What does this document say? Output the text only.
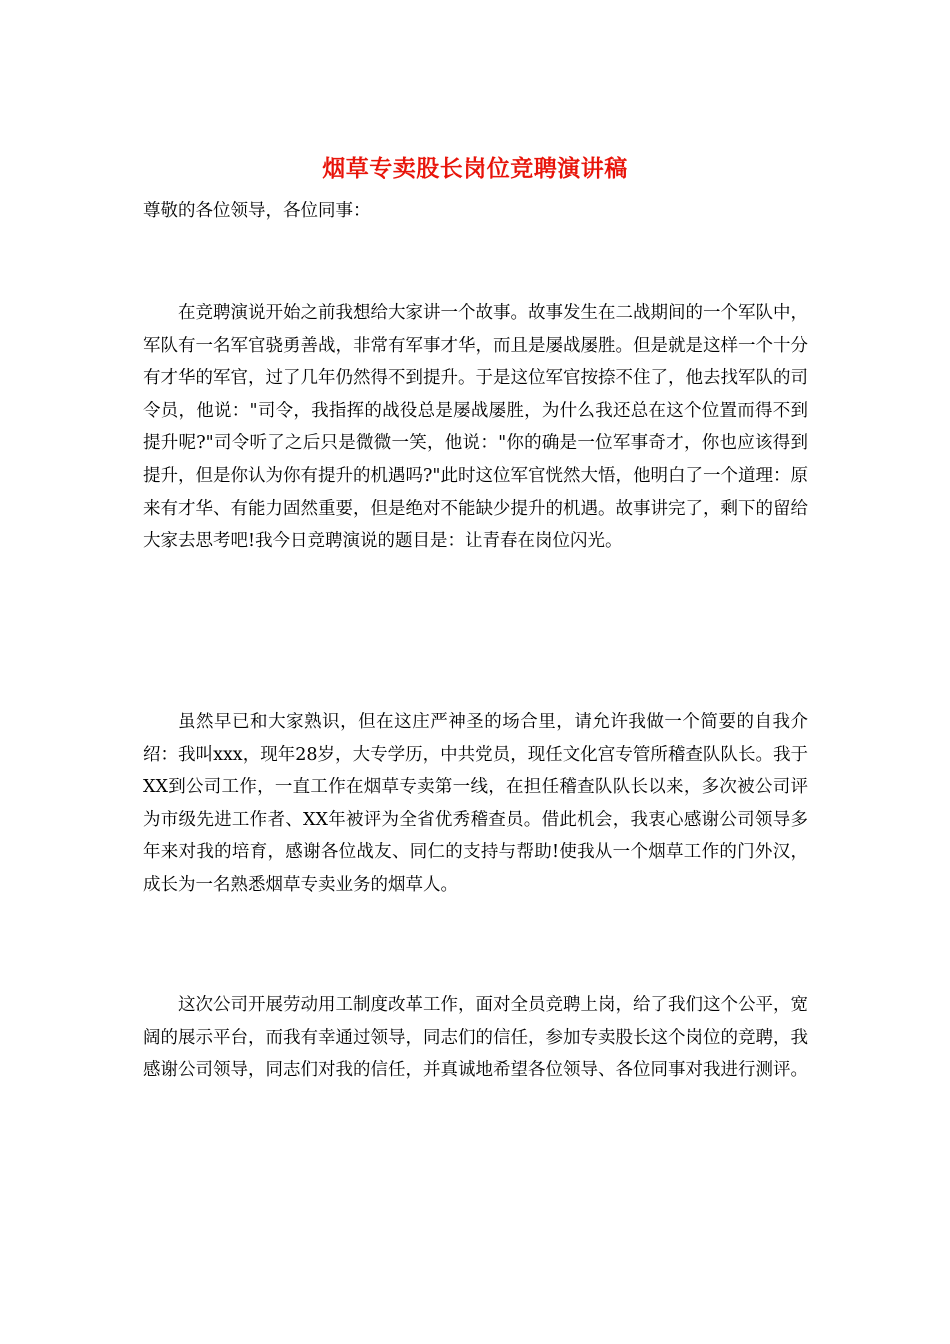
烟草专卖股长岗位竞聘演讲稿
尊敬的各位领导，各位同事：

在竞聘演说开始之前我想给大家讲一个故事。故事发生在二战期间的一个军队中，军队有一名军官骁勇善战，非常有军事才华，而且是屡战屡胜。但是就是这样一个十分有才华的军官，过了几年仍然得不到提升。于是这位军官按捺不住了，他去找军队的司令员，他说："司令，我指挥的战役总是屡战屡胜，为什么我还总在这个位置而得不到提升呢?"司令听了之后只是微微一笑，他说："你的确是一位军事奇才，你也应该得到提升，但是你认为你有提升的机遇吗?"此时这位军官恍然大悟，他明白了一个道理：原来有才华、有能力固然重要，但是绝对不能缺少提升的机遇。故事讲完了，剩下的留给大家去思考吧!我今日竞聘演说的题目是：让青春在岗位闪光。

虽然早已和大家熟识，但在这庄严神圣的场合里，请允许我做一个简要的自我介绍：我叫xxx，现年28岁，大专学历，中共党员，现任文化宫专管所稽查队队长。我于XX到公司工作，一直工作在烟草专卖第一线，在担任稽查队队长以来，多次被公司评为市级先进工作者、XX年被评为全省优秀稽查员。借此机会，我衷心感谢公司领导多年来对我的培育，感谢各位战友、同仁的支持与帮助!使我从一个烟草工作的门外汉，成长为一名熟悉烟草专卖业务的烟草人。

这次公司开展劳动用工制度改革工作，面对全员竞聘上岗，给了我们这个公平，宽阔的展示平台，而我有幸通过领导，同志们的信任，参加专卖股长这个岗位的竞聘，我感谢公司领导，同志们对我的信任，并真诚地希望各位领导、各位同事对我进行测评。
